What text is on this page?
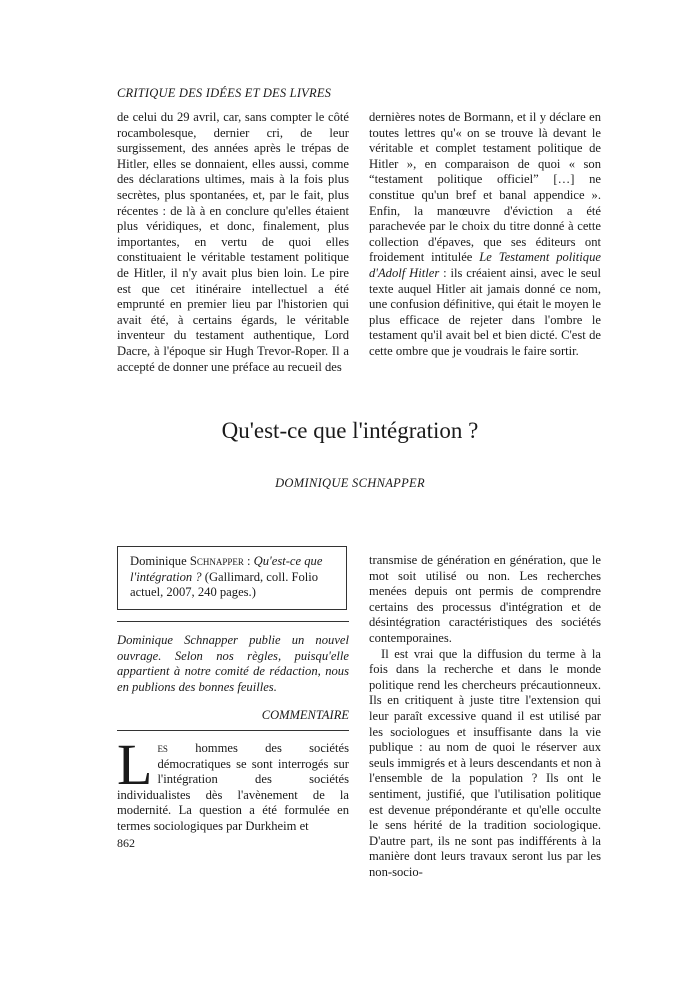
CRITIQUE DES IDÉES ET DES LIVRES

de celui du 29 avril, car, sans compter le côté rocambolesque, dernier cri, de leur surgissement, des années après le trépas de Hitler, elles se donnaient, elles aussi, comme des déclarations ultimes, mais à la fois plus secrètes, plus spontanées, et, par le fait, plus récentes : de là à en conclure qu'elles étaient plus véridiques, et donc, finalement, plus importantes, en vertu de quoi elles constituaient le véritable testament politique de Hitler, il n'y avait plus bien loin. Le pire est que cet itinéraire intellectuel a été emprunté en premier lieu par l'historien qui avait été, à certains égards, le véritable inventeur du testament authentique, Lord Dacre, à l'époque sir Hugh Trevor-Roper. Il a accepté de donner une préface au recueil des

dernières notes de Bormann, et il y déclare en toutes lettres qu'« on se trouve là devant le véritable et complet testament politique de Hitler », en comparaison de quoi « son “testament politique officiel” […] ne constitue qu'un bref et banal appendice ». Enfin, la manœuvre d'éviction a été parachevée par le choix du titre donné à cette collection d'épaves, que ses éditeurs ont froidement intitulée Le Testament politique d'Adolf Hitler : ils créaient ainsi, avec le seul texte auquel Hitler ait jamais donné ce nom, une confusion définitive, qui était le moyen le plus efficace de rejeter dans l'ombre le testament qu'il avait bel et bien dicté. C'est de cette ombre que je voudrais le faire sortir.

Qu'est-ce que l'intégration ?
DOMINIQUE SCHNAPPER
Dominique Schnapper : Qu'est-ce que l'intégration ? (Gallimard, coll. Folio actuel, 2007, 240 pages.)
Dominique Schnapper publie un nouvel ouvrage. Selon nos règles, puisqu'elle appartient à notre comité de rédaction, nous en publions des bonnes feuilles.
COMMENTAIRE

Les hommes des sociétés démocratiques se sont interrogés sur l'intégration des sociétés individualistes dès l'avènement de la modernité. La question a été formulée en termes sociologiques par Durkheim et

transmise de génération en génération, que le mot soit utilisé ou non. Les recherches menées depuis ont permis de comprendre certains des processus d'intégration et de désintégration caractéristiques des sociétés contemporaines.

Il est vrai que la diffusion du terme à la fois dans la recherche et dans le monde politique rend les chercheurs précautionneux. Ils en critiquent à juste titre l'extension qui leur paraît excessive quand il est utilisé par les sociologues et insuffisante dans la vie publique : au nom de quoi le réserver aux seuls immigrés et à leurs descendants et non à l'ensemble de la population ? Ils ont le sentiment, justifié, que l'utilisation politique est devenue prépondérante et qu'elle occulte le sens hérité de la tradition sociologique. D'autre part, ils ne sont pas indifférents à la manière dont leurs travaux seront lus par les non-socio-

862
